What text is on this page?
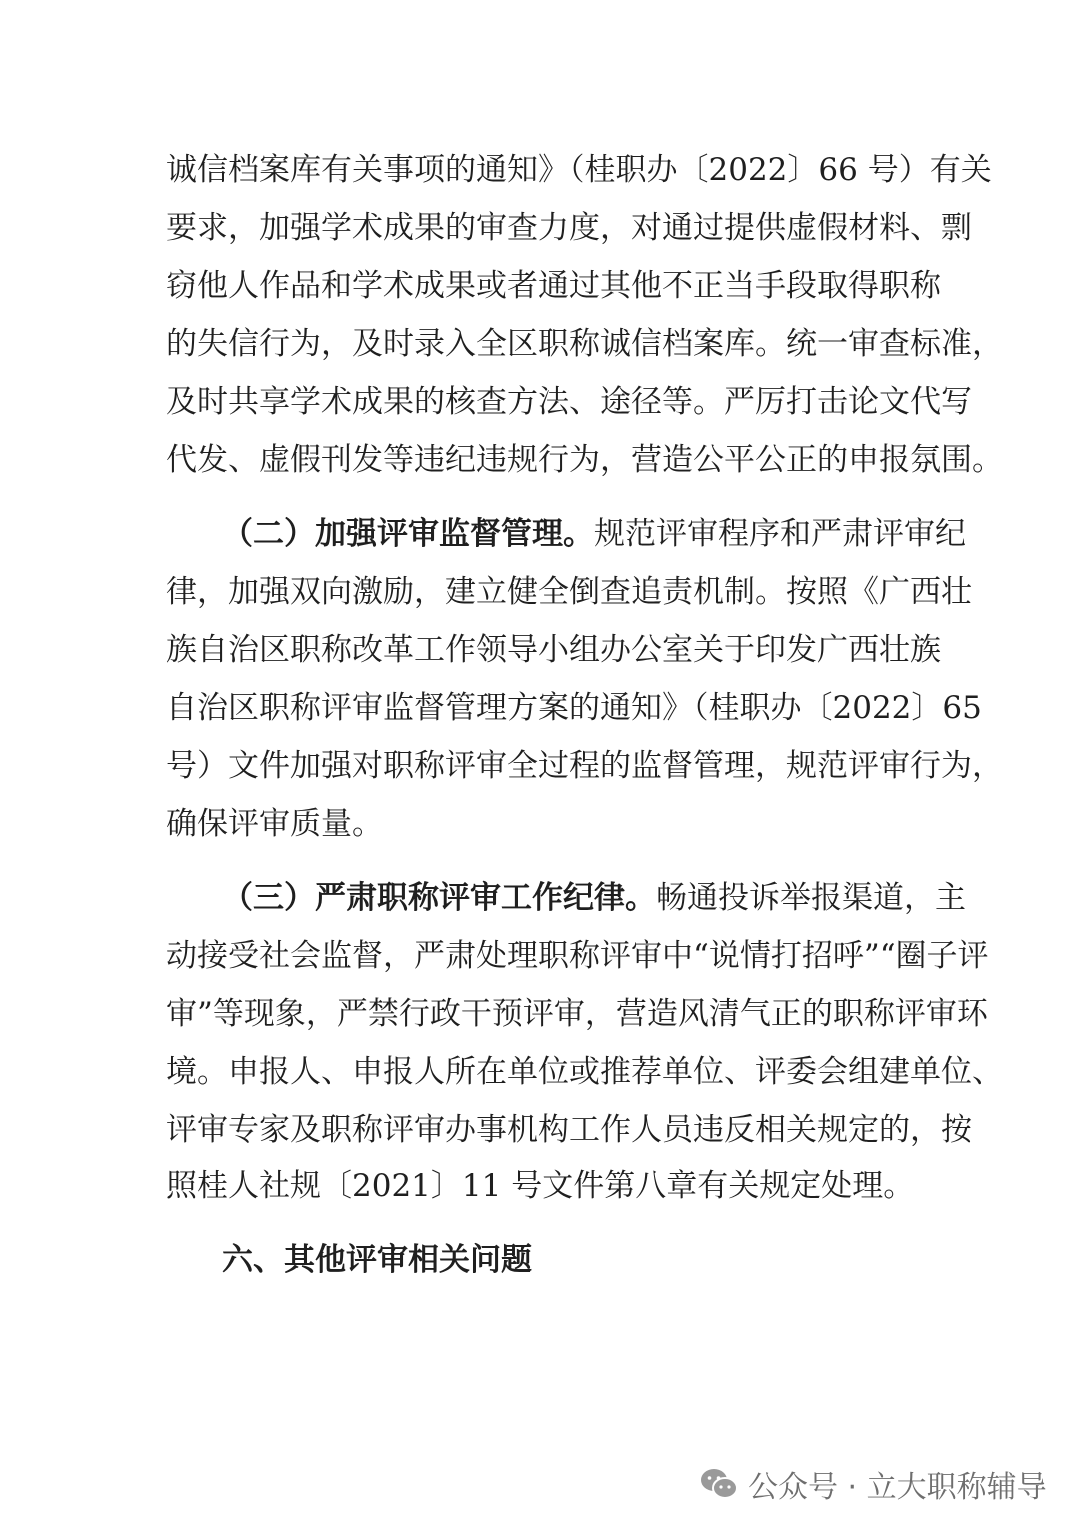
诚信档案库有关事项的通知》（桂职办〔2022〕66 号）有关
要求，加强学术成果的审查力度，对通过提供虚假材料、剽
窃他人作品和学术成果或者通过其他不正当手段取得职称
的失信行为，及时录入全区职称诚信档案库。统一审查标准，
及时共享学术成果的核查方法、途径等。严厉打击论文代写
代发、虚假刊发等违纪违规行为，营造公平公正的申报氛围。
（二）加强评审监督管理。规范评审程序和严肃评审纪
律，加强双向激励，建立健全倒查追责机制。按照《广西壮
族自治区职称改革工作领导小组办公室关于印发广西壮族
自治区职称评审监督管理方案的通知》（桂职办〔2022〕65
号）文件加强对职称评审全过程的监督管理，规范评审行为，
确保评审质量。
（三）严肃职称评审工作纪律。畅通投诉举报渠道，主
动接受社会监督，严肃处理职称评审中“说情打招呼”“圈子评
审”等现象，严禁行政干预评审，营造风清气正的职称评审环
境。申报人、申报人所在单位或推荐单位、评委会组建单位、
评审专家及职称评审办事机构工作人员违反相关规定的，按
照桂人社规〔2021〕11 号文件第八章有关规定处理。
六、其他评审相关问题
公众号 · 立大职称辅导
